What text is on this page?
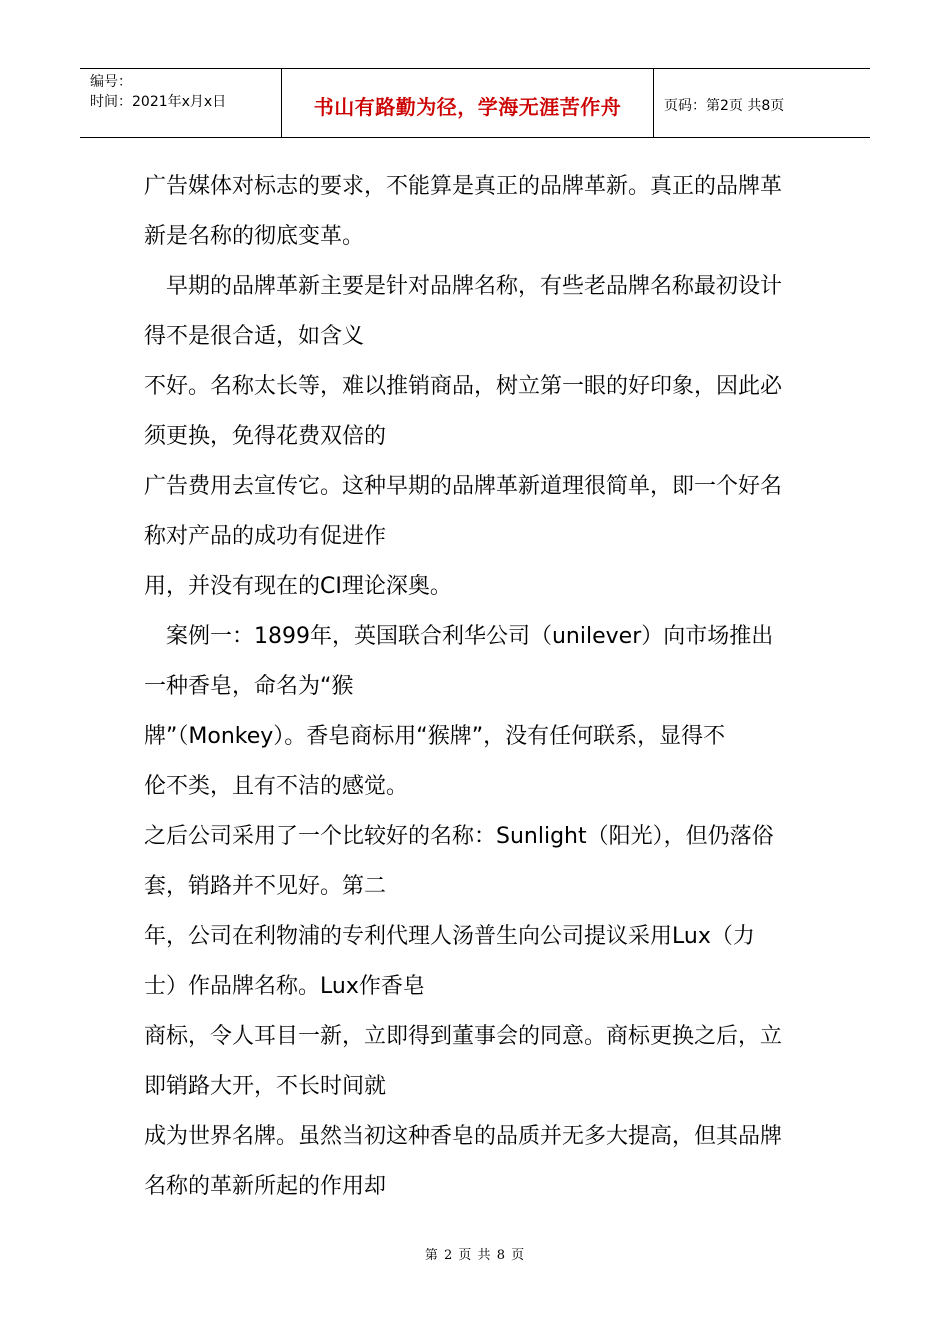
编号：
时间：2021年x月x日	书山有路勤为径，学海无涯苦作舟	页码：第2页 共8页
广告媒体对标志的要求，不能算是真正的品牌革新。真正的品牌革
新是名称的彻底变革。
　早期的品牌革新主要是针对品牌名称，有些老品牌名称最初设计
得不是很合适，如含义
不好。名称太长等，难以推销商品，树立第一眼的好印象，因此必
须更换，免得花费双倍的
广告费用去宣传它。这种早期的品牌革新道理很简单，即一个好名
称对产品的成功有促进作
用，并没有现在的CI理论深奥。
　案例一：1899年，英国联合利华公司（unilever）向市场推出
一种香皂，命名为“猴
牌”（Monkey）。香皂商标用“猴牌”，没有任何联系，显得不
伦不类，且有不洁的感觉。
之后公司采用了一个比较好的名称：Sunlight（阳光），但仍落俗
套，销路并不见好。第二
年，公司在利物浦的专利代理人汤普生向公司提议采用Lux（力
士）作品牌名称。Lux作香皂
商标，令人耳目一新，立即得到董事会的同意。商标更换之后，立
即销路大开，不长时间就
成为世界名牌。虽然当初这种香皂的品质并无多大提高，但其品牌
名称的革新所起的作用却
第 2 页 共 8 页
